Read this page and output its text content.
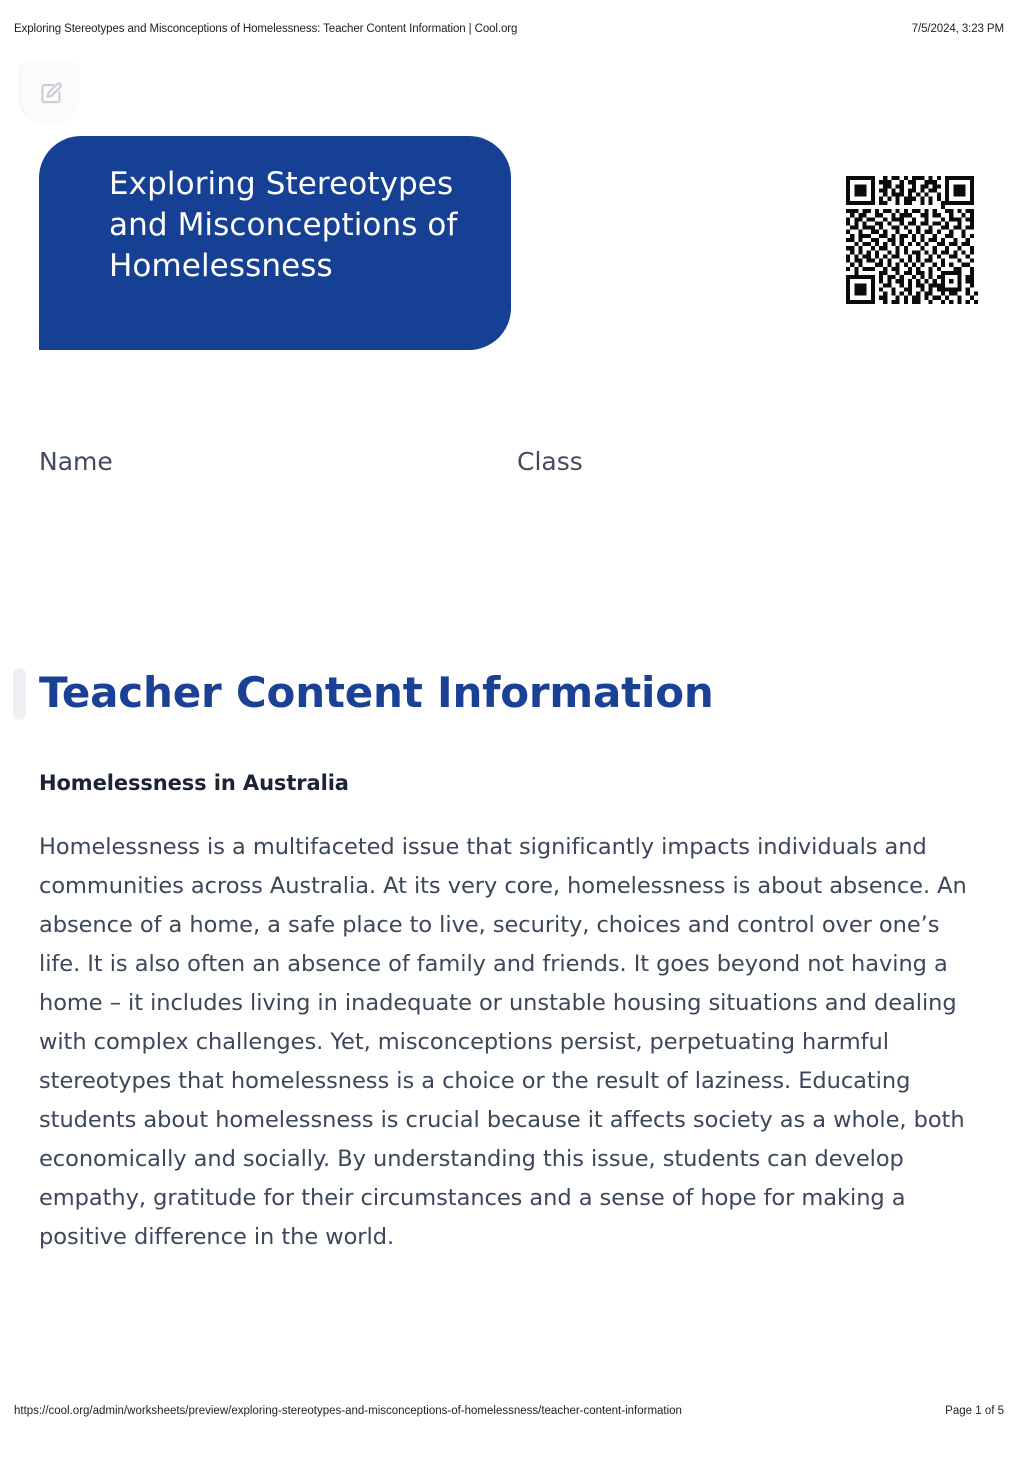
Exploring Stereotypes and Misconceptions of Homelessness: Teacher Content Information | Cool.org	7/5/2024, 3:23 PM
Exploring Stereotypes and Misconceptions of Homelessness
Name	Class
Teacher Content Information
Homelessness in Australia

Homelessness is a multifaceted issue that significantly impacts individuals and communities across Australia. At its very core, homelessness is about absence. An absence of a home, a safe place to live, security, choices and control over one’s life. It is also often an absence of family and friends. It goes beyond not having a home – it includes living in inadequate or unstable housing situations and dealing with complex challenges. Yet, misconceptions persist, perpetuating harmful stereotypes that homelessness is a choice or the result of laziness. Educating students about homelessness is crucial because it affects society as a whole, both economically and socially. By understanding this issue, students can develop empathy, gratitude for their circumstances and a sense of hope for making a positive difference in the world.

https://cool.org/admin/worksheets/preview/exploring-stereotypes-and-misconceptions-of-homelessness/teacher-content-information	Page 1 of 5
